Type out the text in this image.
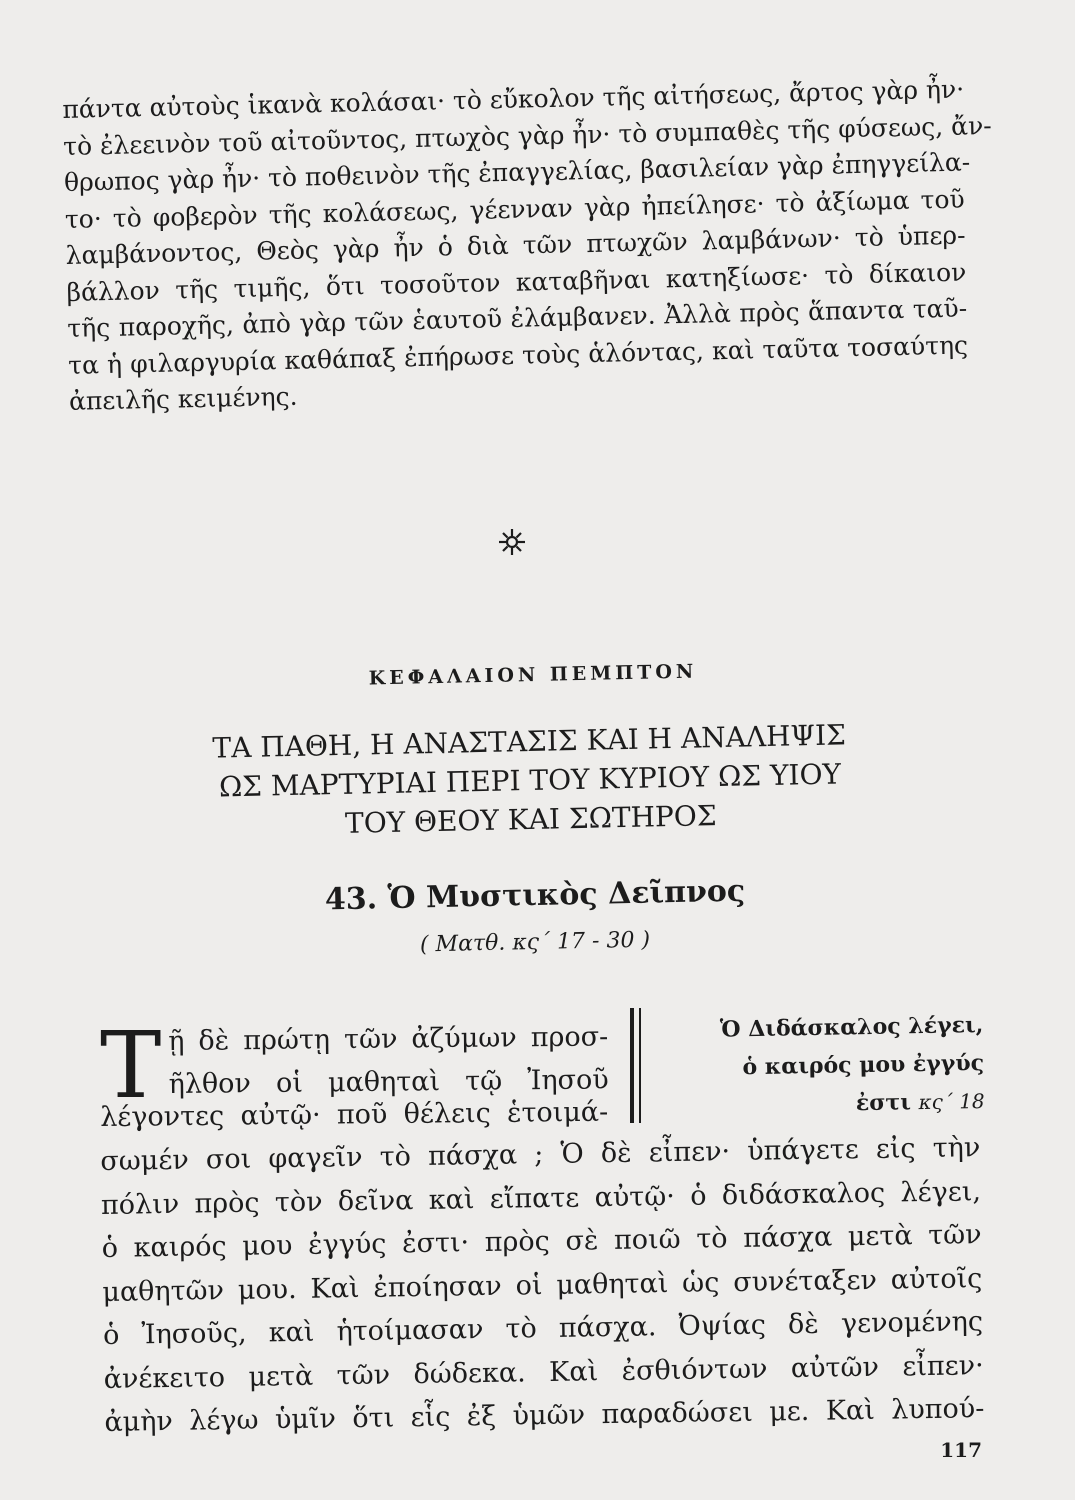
πάντα αὐτοὺς ἱκανὰ κολάσαι· τὸ εὔκολον τῆς αἰτήσεως, ἄρτος γὰρ ἦν·
τὸ ἐλεεινὸν τοῦ αἰτοῦντος, πτωχὸς γὰρ ἦν· τὸ συμπαθὲς τῆς φύσεως, ἄν-
θρωπος γὰρ ἦν· τὸ ποθεινὸν τῆς ἐπαγγελίας, βασιλείαν γὰρ ἐπηγγείλα-
το· τὸ φοβερὸν τῆς κολάσεως, γέενναν γὰρ ἠπείλησε· τὸ ἀξίωμα τοῦ
λαμβάνοντος, Θεὸς γὰρ ἦν ὁ διὰ τῶν πτωχῶν λαμβάνων· τὸ ὑπερ-
βάλλον τῆς τιμῆς, ὅτι τοσοῦτον καταβῆναι κατηξίωσε· τὸ δίκαιον
τῆς παροχῆς, ἀπὸ γὰρ τῶν ἑαυτοῦ ἐλάμβανεν. Ἀλλὰ πρὸς ἅπαντα ταῦ-
τα ἡ φιλαργυρία καθάπαξ ἐπήρωσε τοὺς ἁλόντας, καὶ ταῦτα τοσαύτης
ἀπειλῆς κειμένης.
ΚΕΦΑΛΑΙΟΝ ΠΕΜΠΤΟΝ
ΤΑ ΠΑΘΗ, Η ΑΝΑΣΤΑΣΙΣ ΚΑΙ Η ΑΝΑΛΗΨΙΣ
ΩΣ ΜΑΡΤΥΡΙΑΙ ΠΕΡΙ ΤΟΥ ΚΥΡΙΟΥ ΩΣ ΥΙΟΥ
ΤΟΥ ΘΕΟΥ ΚΑΙ ΣΩΤΗΡΟΣ
43. Ὁ Μυστικὸς Δεῖπνος
( Ματθ. κς΄ 17 - 30 )
Τ ῇ δὲ πρώτῃ τῶν ἀζύμων προσ-
ῆλθον οἱ μαθηταὶ τῷ Ἰησοῦ
λέγοντες αὐτῷ· ποῦ θέλεις ἑτοιμά-
Ὁ Διδάσκαλος λέγει,
ὁ καιρός μου ἐγγύς
ἐστι κς΄ 18
σωμέν σοι φαγεῖν τὸ πάσχα ; Ὁ δὲ εἶπεν· ὑπάγετε εἰς τὴν
πόλιν πρὸς τὸν δεῖνα καὶ εἴπατε αὐτῷ· ὁ διδάσκαλος λέγει,
ὁ καιρός μου ἐγγύς ἐστι· πρὸς σὲ ποιῶ τὸ πάσχα μετὰ τῶν
μαθητῶν μου. Καὶ ἐποίησαν οἱ μαθηταὶ ὡς συνέταξεν αὐτοῖς
ὁ Ἰησοῦς, καὶ ἡτοίμασαν τὸ πάσχα. Ὀψίας δὲ γενομένης
ἀνέκειτο μετὰ τῶν δώδεκα. Καὶ ἐσθιόντων αὐτῶν εἶπεν·
ἀμὴν λέγω ὑμῖν ὅτι εἷς ἐξ ὑμῶν παραδώσει με. Καὶ λυπού-
117
